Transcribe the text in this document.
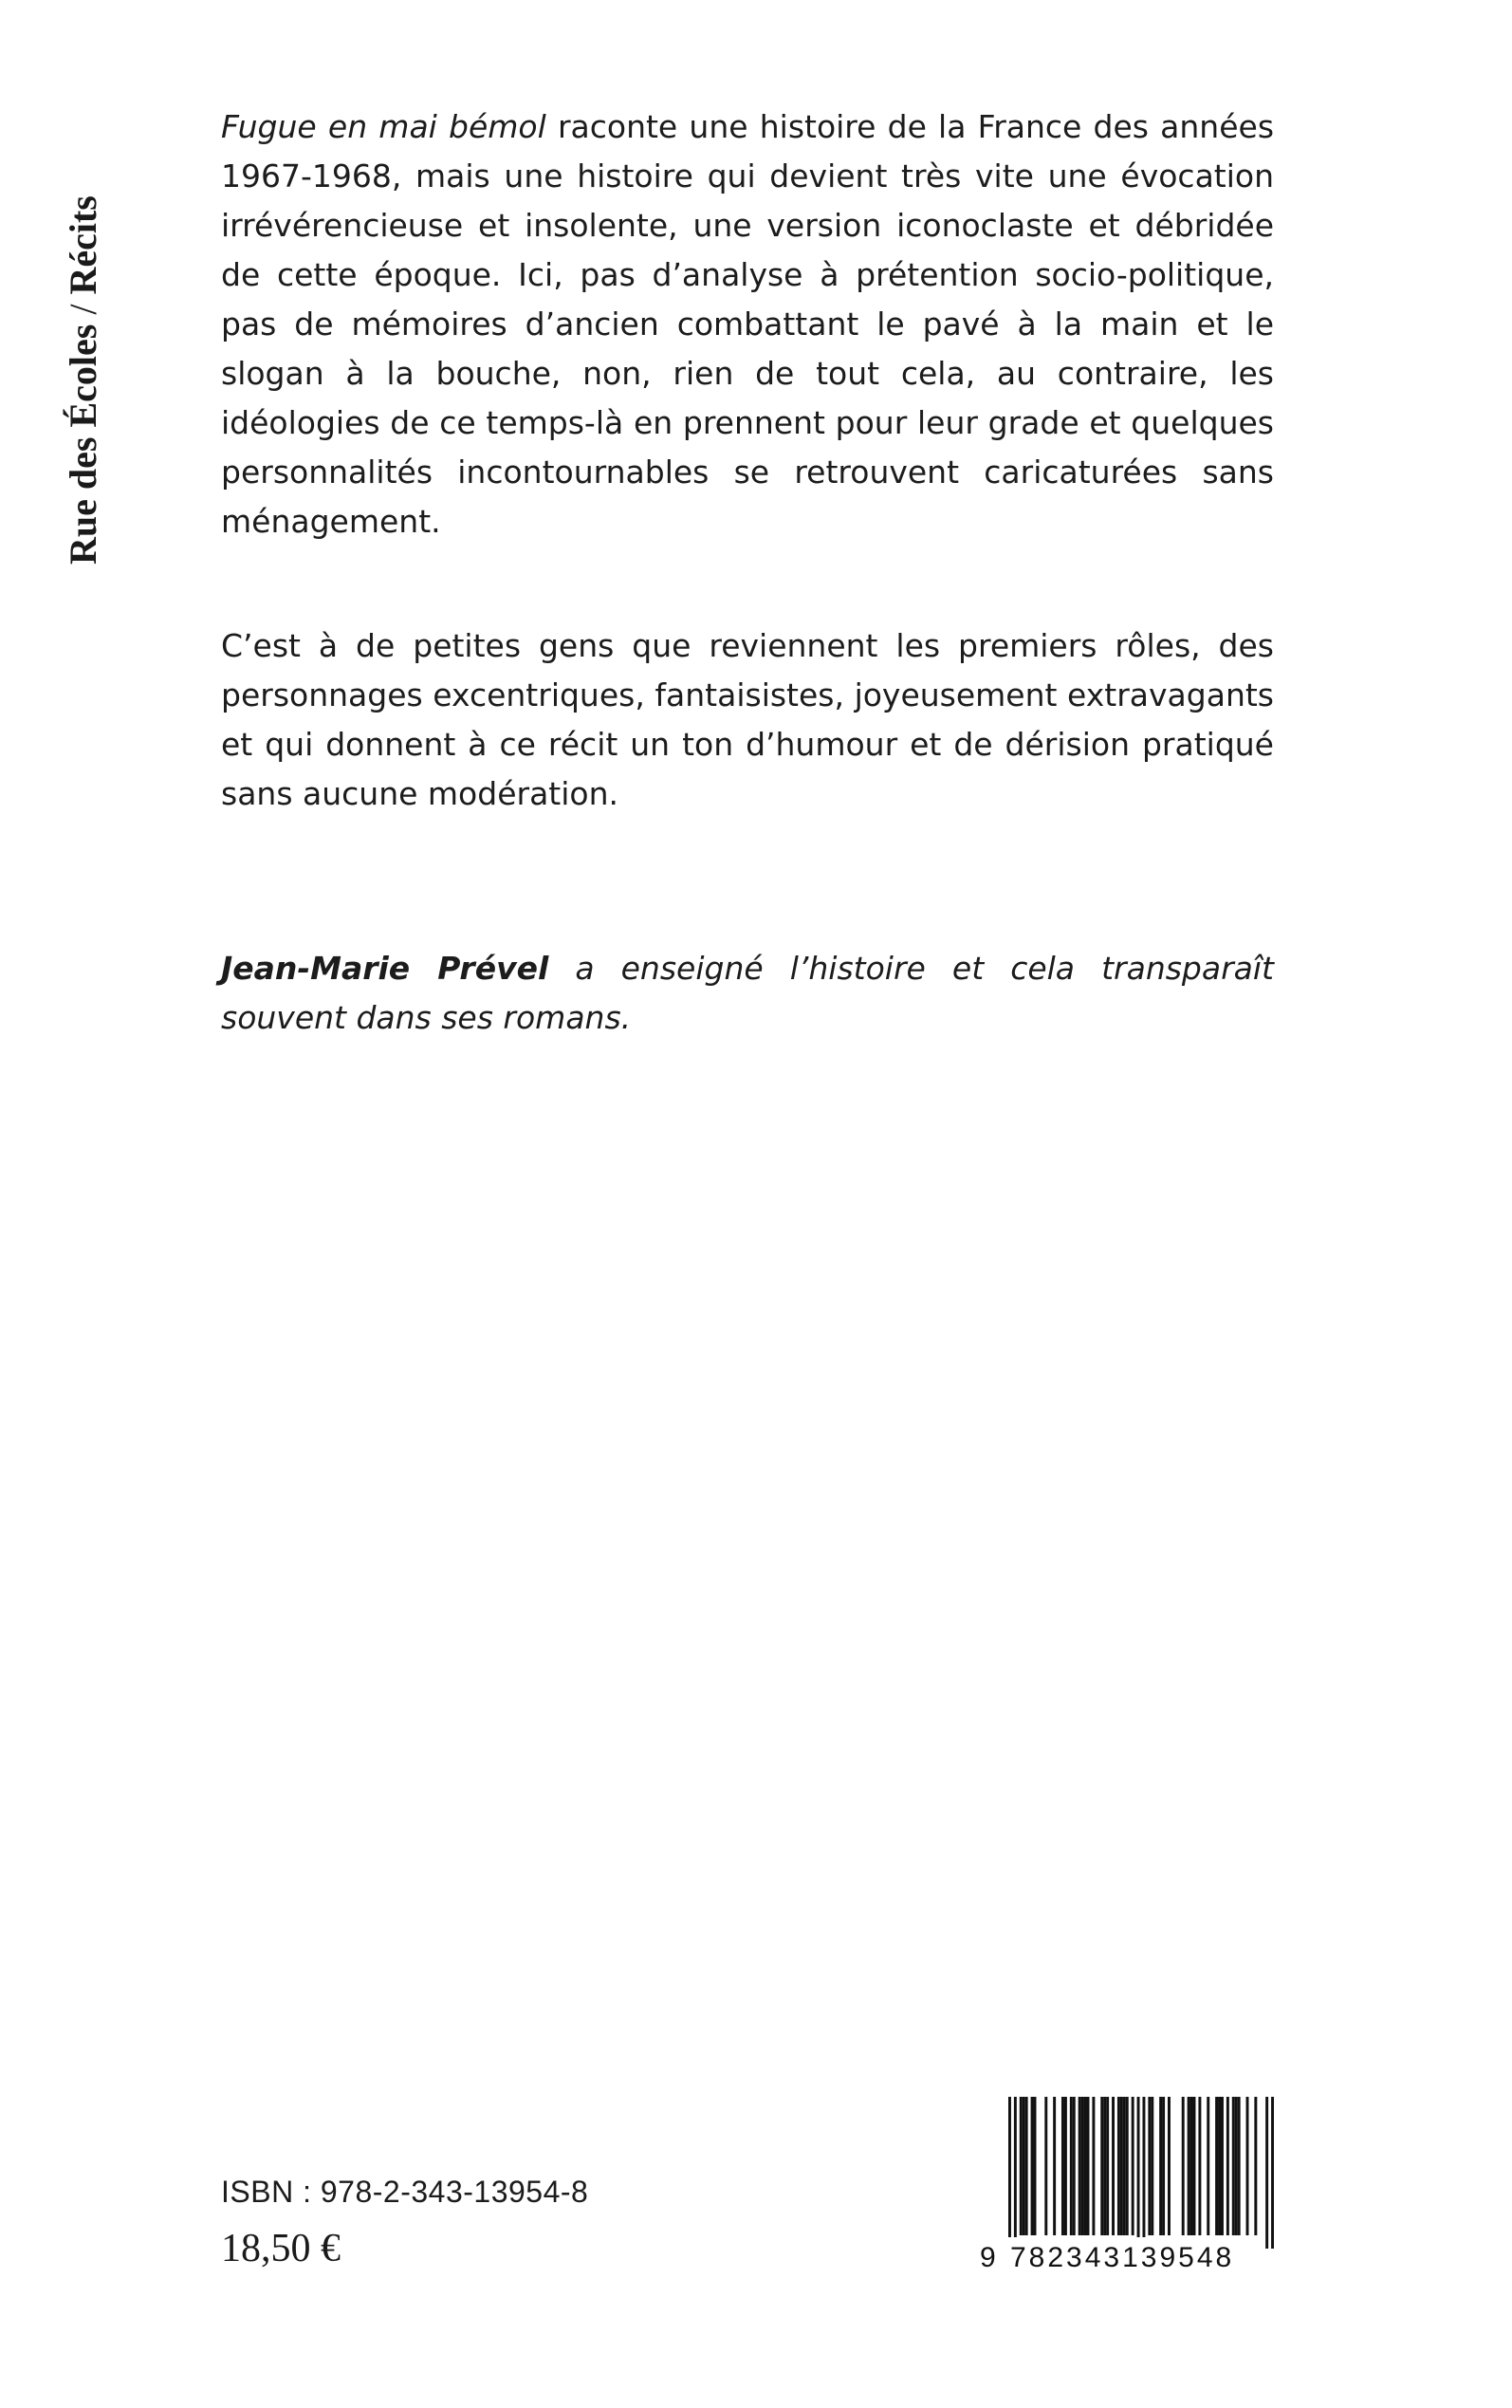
Rue des Écoles / Récits

Fugue en mai bémol raconte une histoire de la France des années 1967-1968, mais une histoire qui devient très vite une évocation irrévérencieuse et insolente, une version iconoclaste et débridée de cette époque. Ici, pas d’analyse à prétention socio-politique, pas de mémoires d’ancien combattant le pavé à la main et le slogan à la bouche, non, rien de tout cela, au contraire, les idéologies de ce temps-là en prennent pour leur grade et quelques personnalités incontournables se retrouvent caricaturées sans ménagement.

C’est à de petites gens que reviennent les premiers rôles, des personnages excentriques, fantaisistes, joyeusement extravagants et qui donnent à ce récit un ton d’humour et de dérision pratiqué sans aucune modération.

Jean-Marie Prével a enseigné l’histoire et cela transparaît souvent dans ses romans.

ISBN : 978-2-343-13954-8
18,50 €	9 782343139548
